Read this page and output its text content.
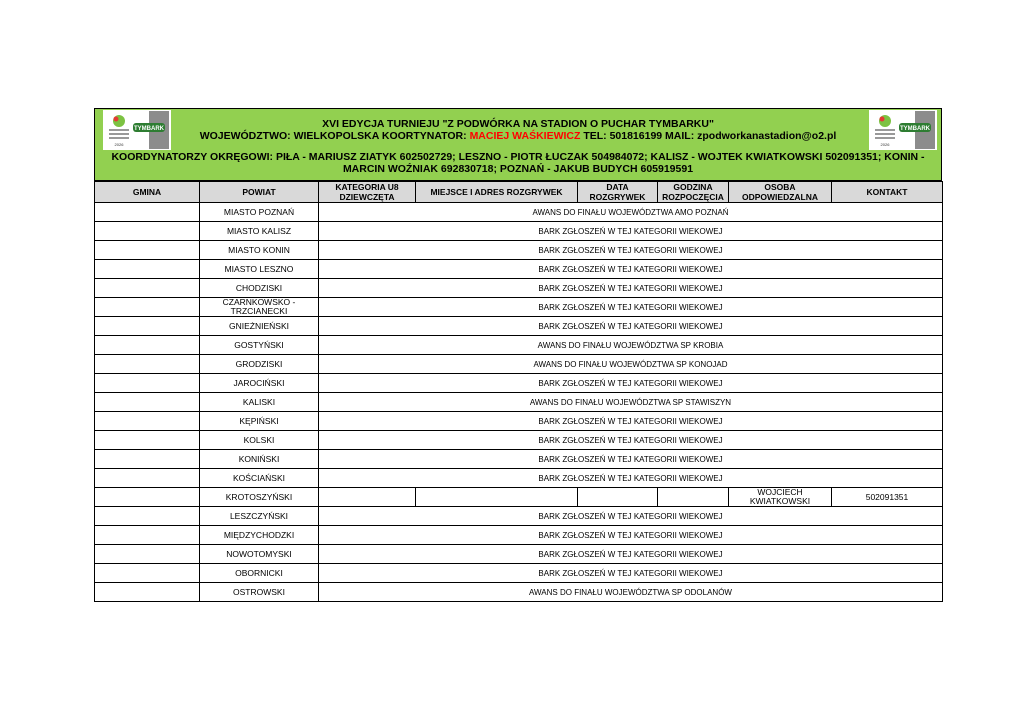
TYMBARK
2026
TYMBARK
2026
XVI EDYCJA TURNIEJU "Z PODWÓRKA NA STADION O PUCHAR TYMBARKU"
WOJEWÓDZTWO: WIELKOPOLSKA KOORTYNATOR: MACIEJ WAŚKIEWICZ TEL: 501816199 MAIL: zpodworkanastadion@o2.pl
KOORDYNATORZY OKRĘGOWI: PIŁA - MARIUSZ ZIATYK 602502729; LESZNO - PIOTR ŁUCZAK 504984072; KALISZ - WOJTEK KWIATKOWSKI 502091351; KONIN - MARCIN WOŹNIAK 692830718; POZNAŃ - JAKUB BUDYCH 605919591
GMINA	POWIAT	KATEGORIA U8 DZIEWCZĘTA	MIEJSCE I ADRES ROZGRYWEK	DATA ROZGRYWEK	GODZINA ROZPOCZĘCIA	OSOBA ODPOWIEDZALNA	KONTAKT
	MIASTO POZNAŃ	AWANS DO FINAŁU WOJEWÓDZTWA AMO POZNAŃ					
	MIASTO KALISZ	BARK ZGŁOSZEŃ W TEJ KATEGORII WIEKOWEJ					
	MIASTO KONIN	BARK ZGŁOSZEŃ W TEJ KATEGORII WIEKOWEJ					
	MIASTO LESZNO	BARK ZGŁOSZEŃ W TEJ KATEGORII WIEKOWEJ					
	CHODZISKI	BARK ZGŁOSZEŃ W TEJ KATEGORII WIEKOWEJ					
	CZARNKOWSKO - TRZCIANECKI	BARK ZGŁOSZEŃ W TEJ KATEGORII WIEKOWEJ					
	GNIEŻNIEŃSKI	BARK ZGŁOSZEŃ W TEJ KATEGORII WIEKOWEJ					
	GOSTYŃSKI	AWANS DO FINAŁU WOJEWÓDZTWA SP KROBIA					
	GRODZISKI	AWANS DO FINAŁU WOJEWÓDZTWA SP KONOJAD					
	JAROCIŃSKI	BARK ZGŁOSZEŃ W TEJ KATEGORII WIEKOWEJ					
	KALISKI	AWANS DO FINAŁU WOJEWÓDZTWA SP STAWISZYN					
	KĘPIŃSKI	BARK ZGŁOSZEŃ W TEJ KATEGORII WIEKOWEJ					
	KOLSKI	BARK ZGŁOSZEŃ W TEJ KATEGORII WIEKOWEJ					
	KONIŃSKI	BARK ZGŁOSZEŃ W TEJ KATEGORII WIEKOWEJ					
	KOŚCIAŃSKI	BARK ZGŁOSZEŃ W TEJ KATEGORII WIEKOWEJ					
	KROTOSZYŃSKI					WOJCIECH KWIATKOWSKI	502091351
	LESZCZYŃSKI	BARK ZGŁOSZEŃ W TEJ KATEGORII WIEKOWEJ					
	MIĘDZYCHODZKI	BARK ZGŁOSZEŃ W TEJ KATEGORII WIEKOWEJ					
	NOWOTOMYSKI	BARK ZGŁOSZEŃ W TEJ KATEGORII WIEKOWEJ					
	OBORNICKI	BARK ZGŁOSZEŃ W TEJ KATEGORII WIEKOWEJ					
	OSTROWSKI	AWANS DO FINAŁU WOJEWÓDZTWA SP ODOLANÓW					
